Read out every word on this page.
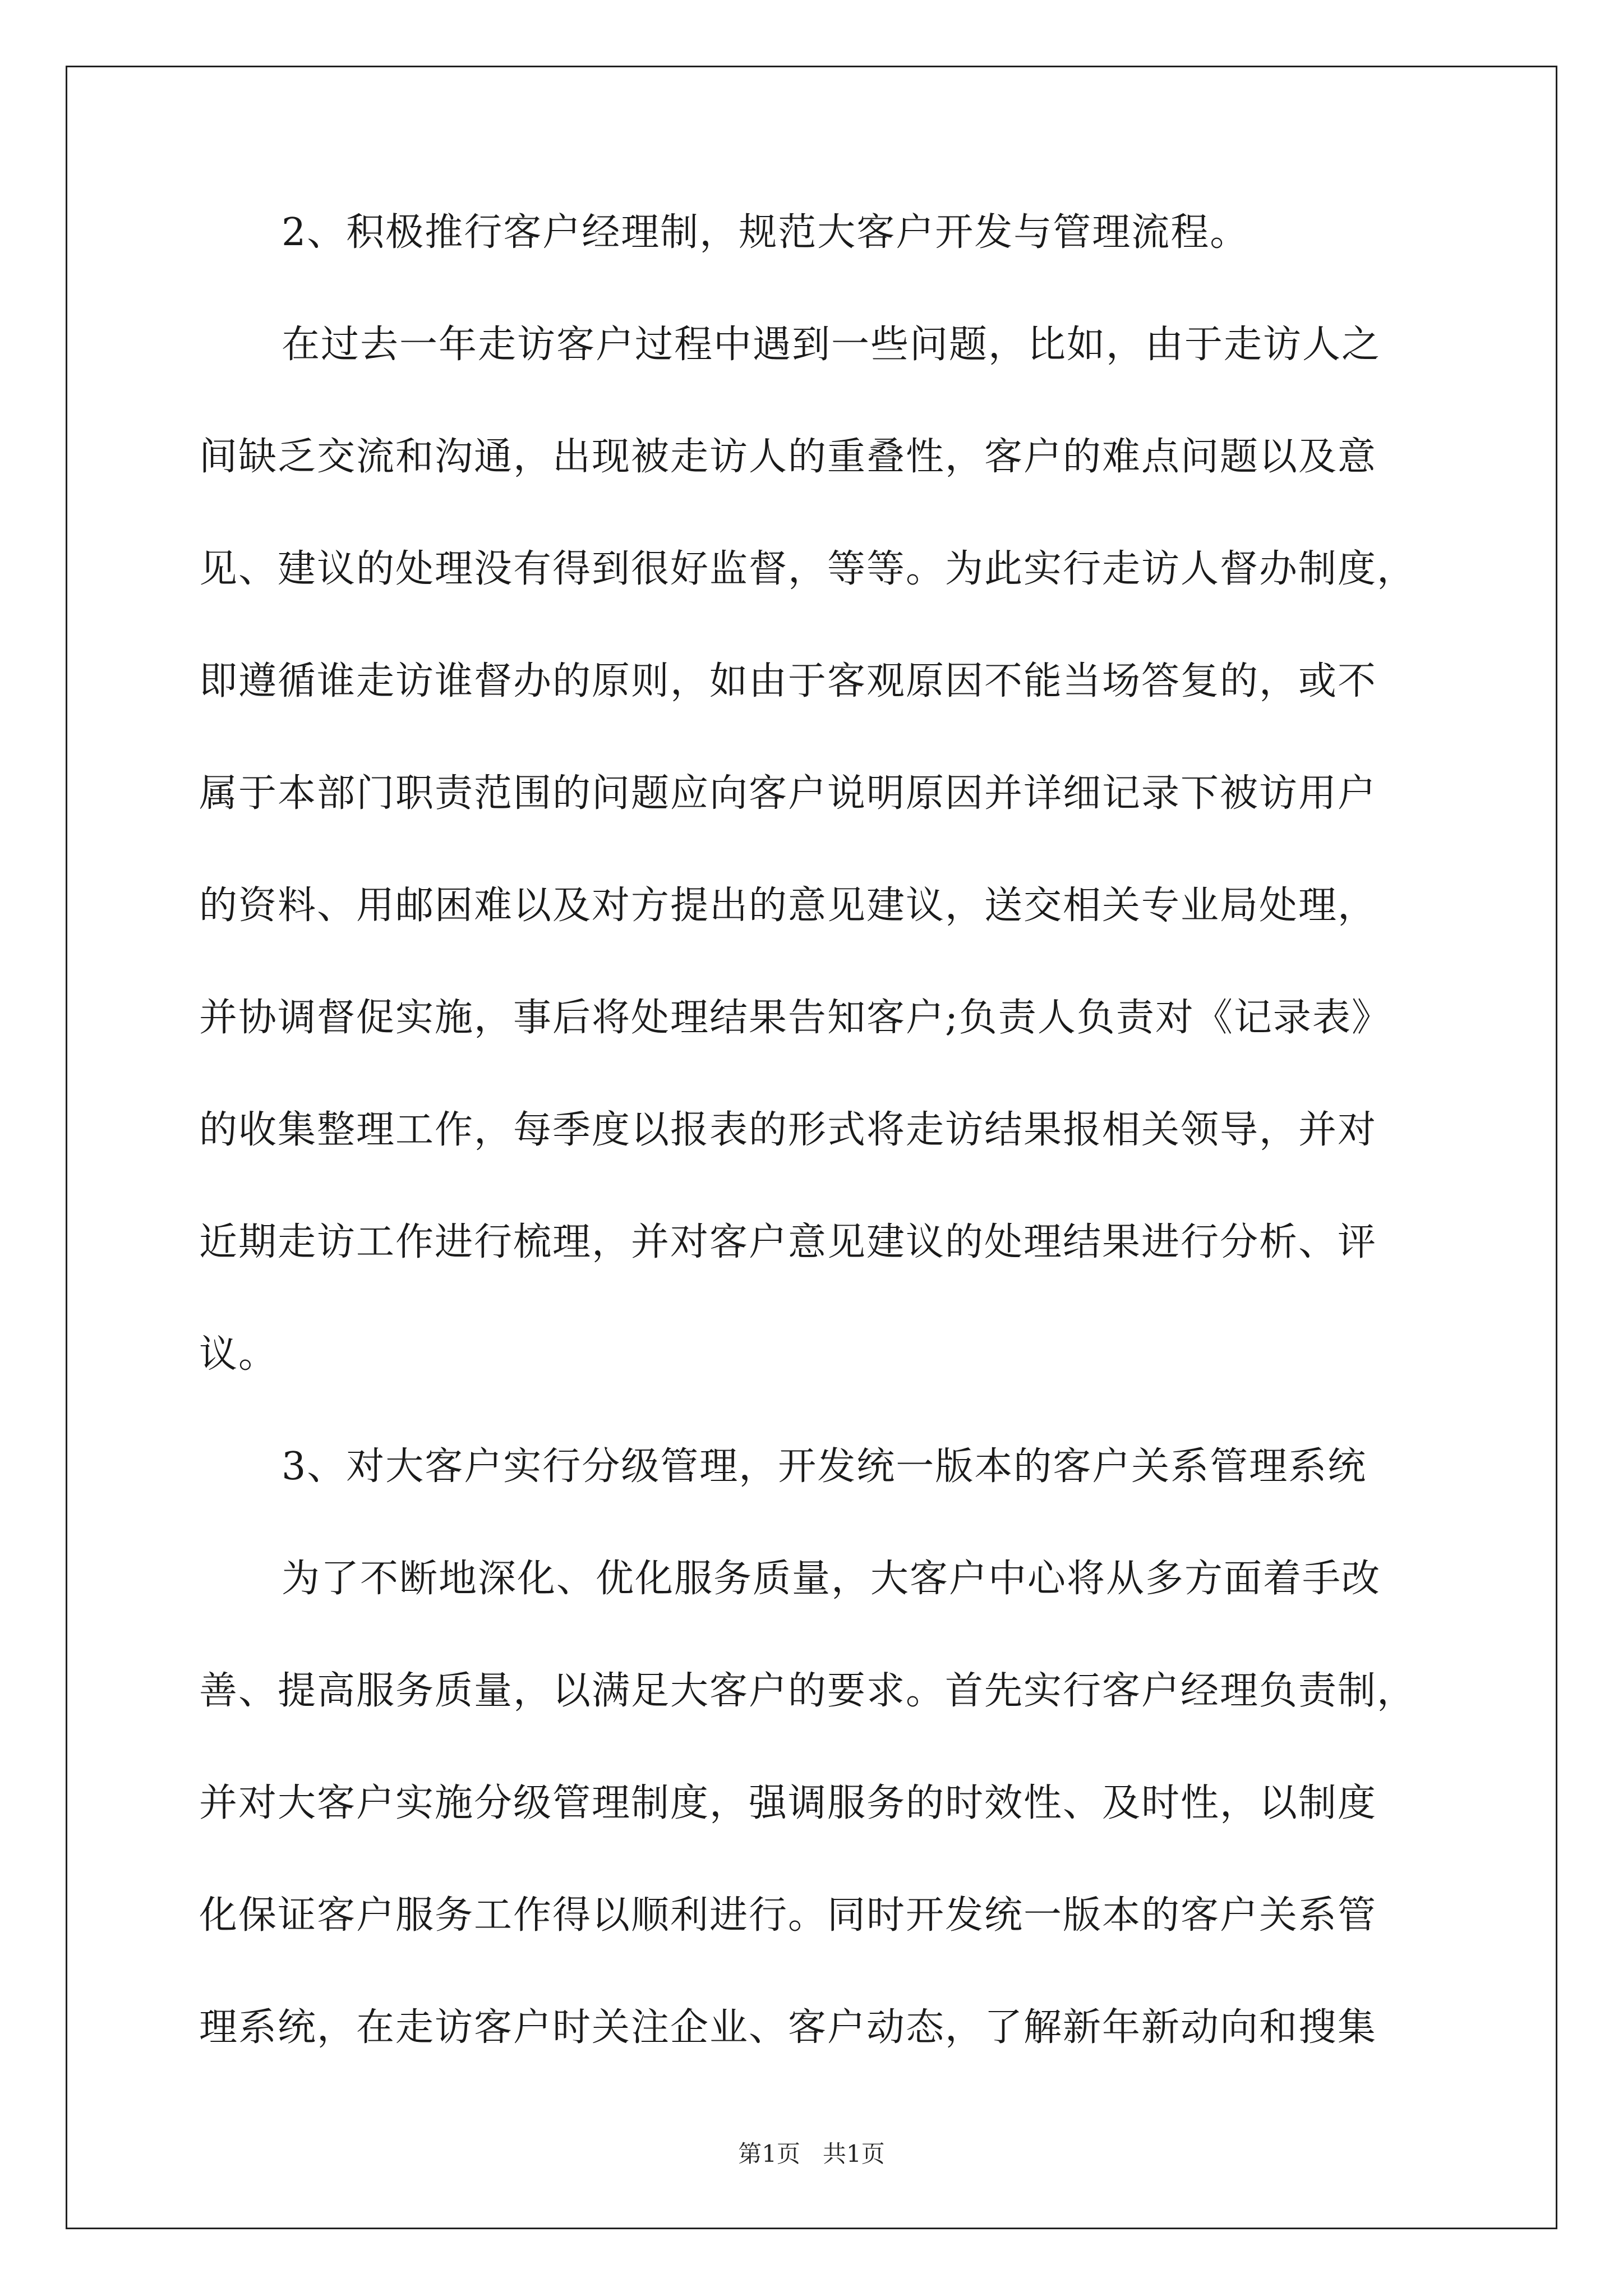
2、积极推行客户经理制，规范大客户开发与管理流程。
在过去一年走访客户过程中遇到一些问题，比如，由于走访人之
间缺乏交流和沟通，出现被走访人的重叠性，客户的难点问题以及意
见、建议的处理没有得到很好监督，等等。为此实行走访人督办制度，
即遵循谁走访谁督办的原则，如由于客观原因不能当场答复的，或不
属于本部门职责范围的问题应向客户说明原因并详细记录下被访用户
的资料、用邮困难以及对方提出的意见建议，送交相关专业局处理，
并协调督促实施，事后将处理结果告知客户;负责人负责对《记录表》
的收集整理工作，每季度以报表的形式将走访结果报相关领导，并对
近期走访工作进行梳理，并对客户意见建议的处理结果进行分析、评
议。
3、对大客户实行分级管理，开发统一版本的客户关系管理系统
为了不断地深化、优化服务质量，大客户中心将从多方面着手改
善、提高服务质量，以满足大客户的要求。首先实行客户经理负责制，
并对大客户实施分级管理制度，强调服务的时效性、及时性，以制度
化保证客户服务工作得以顺利进行。同时开发统一版本的客户关系管
理系统，在走访客户时关注企业、客户动态，了解新年新动向和搜集
第1页 共1页
